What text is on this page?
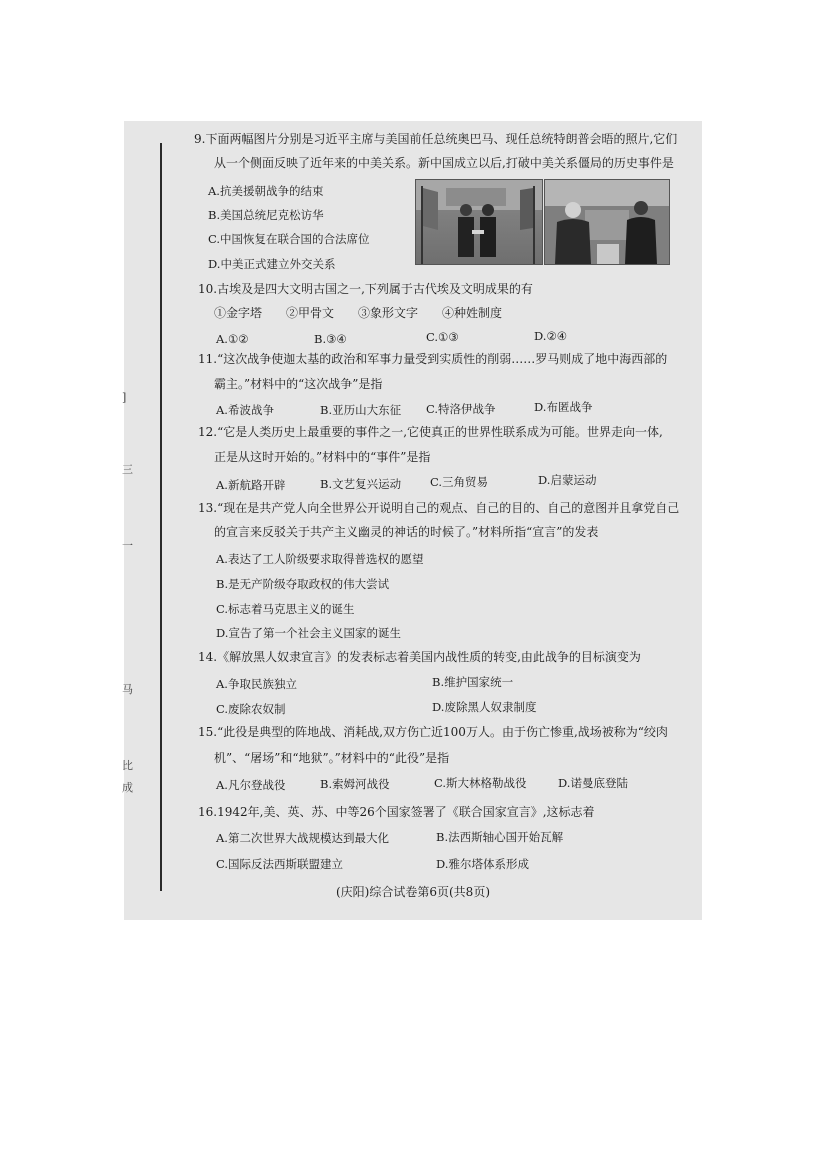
]
三
一
马
比
成
9.下面两幅图片分别是习近平主席与美国前任总统奥巴马、现任总统特朗普会晤的照片,它们
从一个侧面反映了近年来的中美关系。新中国成立以后,打破中美关系僵局的历史事件是
A.抗美援朝战争的结束
B.美国总统尼克松访华
C.中国恢复在联合国的合法席位
D.中美正式建立外交关系
10.古埃及是四大文明古国之一,下列属于古代埃及文明成果的有
①金字塔　　②甲骨文　　③象形文字　　④种姓制度
A.①②	B.③④	C.①③	D.②④
11.“这次战争使迦太基的政治和军事力量受到实质性的削弱……罗马则成了地中海西部的
霸主。”材料中的“这次战争”是指
A.希波战争	B.亚历山大东征 C.特洛伊战争	D.布匿战争
12.“它是人类历史上最重要的事件之一,它使真正的世界性联系成为可能。世界走向一体,
正是从这时开始的。”材料中的“事件”是指
A.新航路开辟	B.文艺复兴运动	C.三角贸易	D.启蒙运动
13.“现在是共产党人向全世界公开说明自己的观点、自己的目的、自己的意图并且拿党自己
的宣言来反驳关于共产主义幽灵的神话的时候了。”材料所指“宣言”的发表
A.表达了工人阶级要求取得普选权的愿望
B.是无产阶级夺取政权的伟大尝试
C.标志着马克思主义的诞生
D.宣告了第一个社会主义国家的诞生
14.《解放黑人奴隶宣言》的发表标志着美国内战性质的转变,由此战争的目标演变为
A.争取民族独立	B.维护国家统一
C.废除农奴制	D.废除黑人奴隶制度
15.“此役是典型的阵地战、消耗战,双方伤亡近100万人。由于伤亡惨重,战场被称为“绞肉
机”、“屠场”和“地狱”。”材料中的“此役”是指
A.凡尔登战役	B.索姆河战役	C.斯大林格勒战役	D.诺曼底登陆
16.1942年,美、英、苏、中等26个国家签署了《联合国家宣言》,这标志着
A.第二次世界大战规模达到最大化	B.法西斯轴心国开始瓦解
C.国际反法西斯联盟建立	D.雅尔塔体系形成
(庆阳)综合试卷第6页(共8页)
